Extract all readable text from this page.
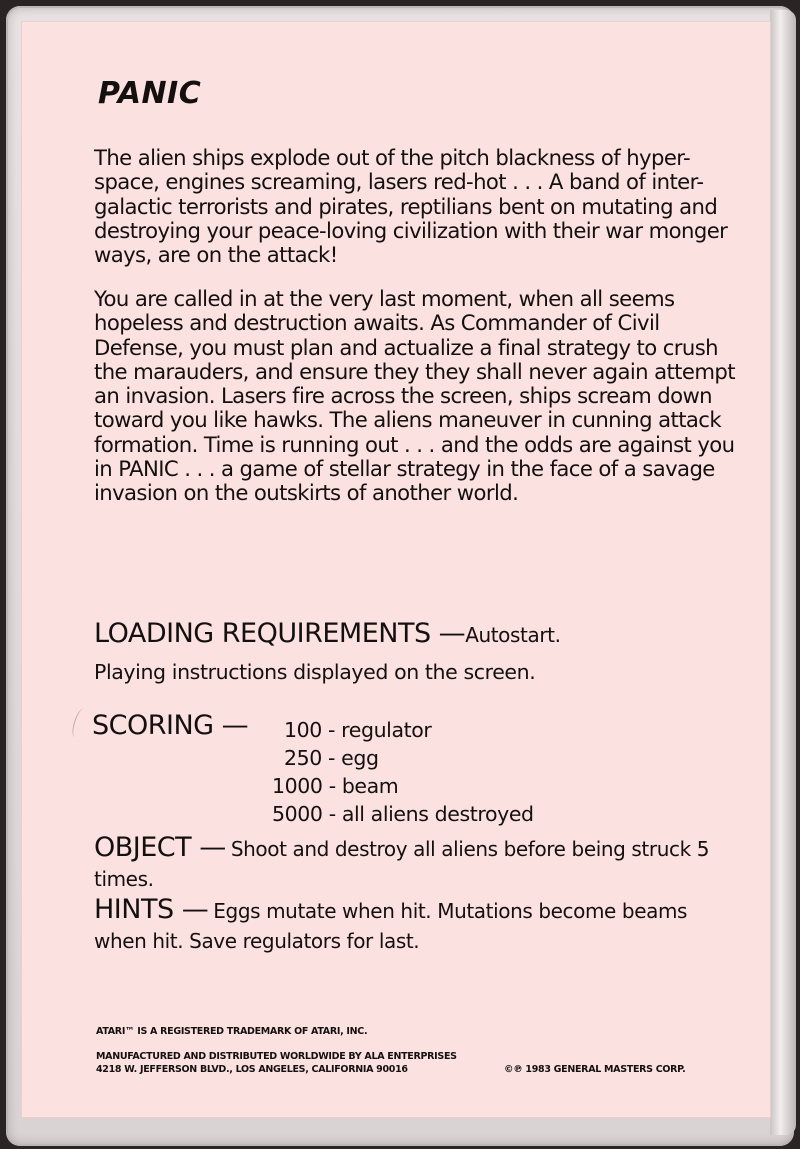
PANIC

The alien ships explode out of the pitch blackness of hyper-space, engines screaming, lasers red-hot . . . A band of inter-galactic terrorists and pirates, reptilians bent on mutating and destroying your peace-loving civilization with their war monger ways, are on the attack!

You are called in at the very last moment, when all seems hopeless and destruction awaits. As Commander of Civil Defense, you must plan and actualize a final strategy to crush the marauders, and ensure they they shall never again attempt an invasion. Lasers fire across the screen, ships scream down toward you like hawks. The aliens maneuver in cunning attack formation. Time is running out . . . and the odds are against you in PANIC . . . a game of stellar strategy in the face of a savage invasion on the outskirts of another world.

LOADING REQUIREMENTS —Autostart.

Playing instructions displayed on the screen.

SCORING — 100 - regulator

250 - egg

1000 - beam

5000 - all aliens destroyed

OBJECT — Shoot and destroy all aliens before being struck 5 times.

HINTS — Eggs mutate when hit. Mutations become beams when hit. Save regulators for last.

ATARI™ IS A REGISTERED TRADEMARK OF ATARI, INC.

MANUFACTURED AND DISTRIBUTED WORLDWIDE BY ALA ENTERPRISES

4218 W. JEFFERSON BLVD., LOS ANGELES, CALIFORNIA 90016	©℗ 1983 GENERAL MASTERS CORP.
